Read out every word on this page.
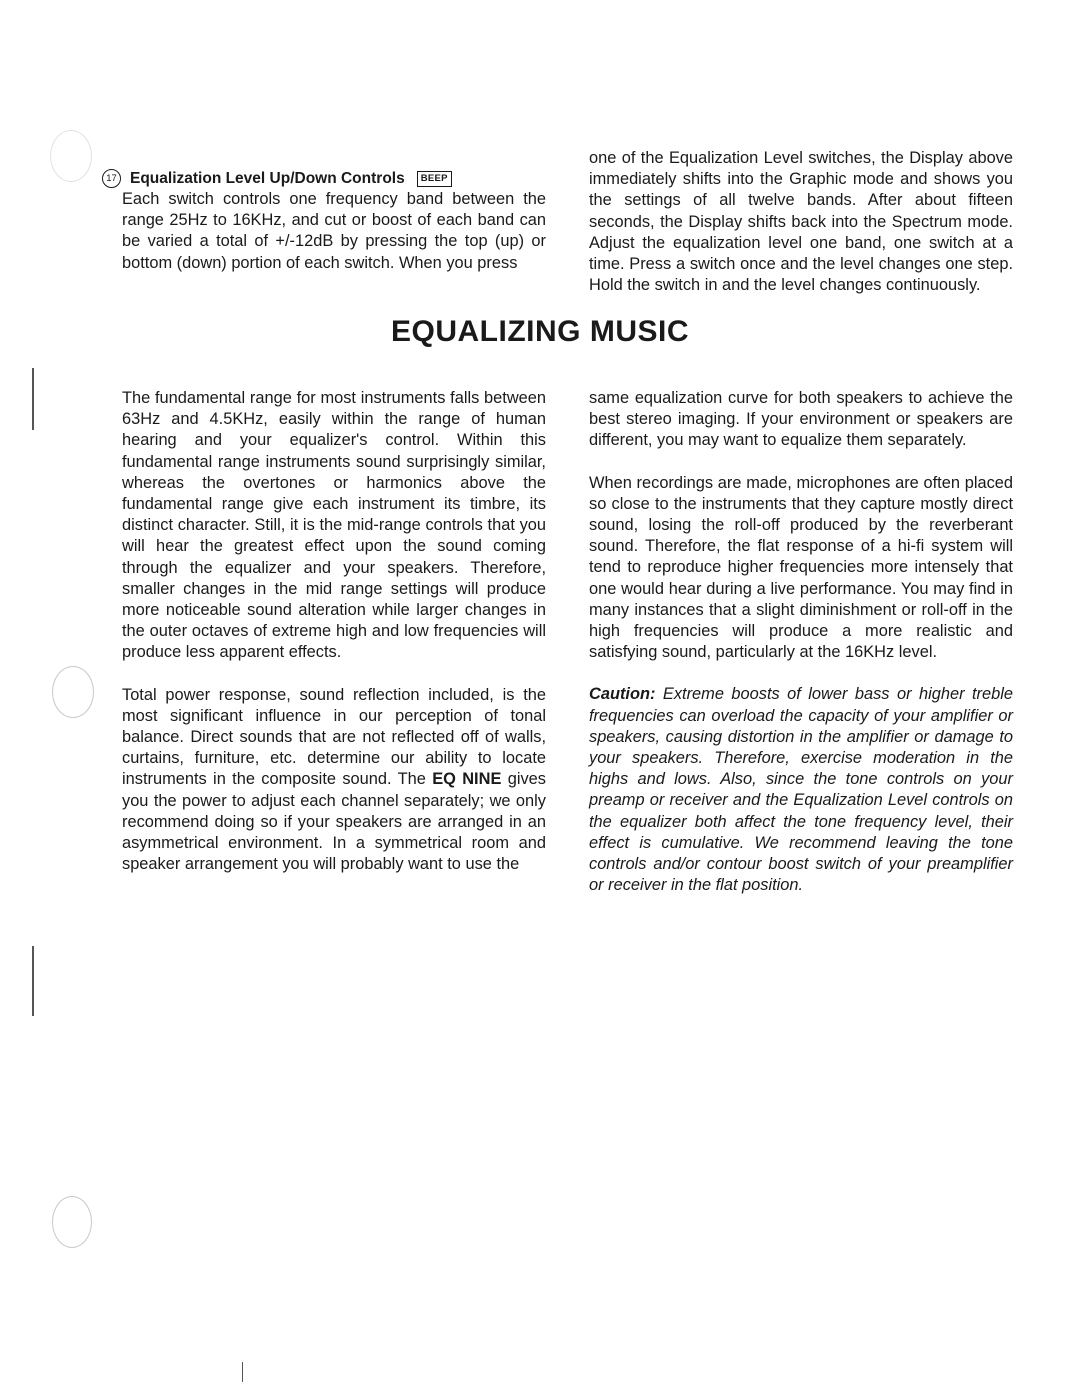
17 Equalization Level Up/Down Controls	BEEP

Each switch controls one frequency band between the range 25Hz to 16KHz, and cut or boost of each band can be varied a total of +/-12dB by pressing the top (up) or bottom (down) portion of each switch. When you press

one of the Equalization Level switches, the Display above immediately shifts into the Graphic mode and shows you the settings of all twelve bands. After about fifteen seconds, the Display shifts back into the Spectrum mode. Adjust the equalization level one band, one switch at a time. Press a switch once and the level changes one step. Hold the switch in and the level changes continuously.

EQUALIZING MUSIC

The fundamental range for most instruments falls between 63Hz and 4.5KHz, easily within the range of human hearing and your equalizer's control. Within this fundamental range instruments sound surprisingly similar, whereas the overtones or harmonics above the fundamental range give each instrument its timbre, its distinct character. Still, it is the mid-range controls that you will hear the greatest effect upon the sound coming through the equalizer and your speakers. Therefore, smaller changes in the mid range settings will produce more noticeable sound alteration while larger changes in the outer octaves of extreme high and low frequencies will produce less apparent effects.

Total power response, sound reflection included, is the most significant influence in our perception of tonal balance. Direct sounds that are not reflected off of walls, curtains, furniture, etc. determine our ability to locate instruments in the composite sound. The EQ NINE gives you the power to adjust each channel separately; we only recommend doing so if your speakers are arranged in an asymmetrical environment. In a symmetrical room and speaker arrangement you will probably want to use the

same equalization curve for both speakers to achieve the best stereo imaging. If your environment or speakers are different, you may want to equalize them separately.

When recordings are made, microphones are often placed so close to the instruments that they capture mostly direct sound, losing the roll-off produced by the reverberant sound. Therefore, the flat response of a hi-fi system will tend to reproduce higher frequencies more intensely that one would hear during a live performance. You may find in many instances that a slight diminishment or roll-off in the high frequencies will produce a more realistic and satisfying sound, particularly at the 16KHz level.

Caution: Extreme boosts of lower bass or higher treble frequencies can overload the capacity of your amplifier or speakers, causing distortion in the amplifier or damage to your speakers. Therefore, exercise moderation in the highs and lows. Also, since the tone controls on your preamp or receiver and the Equalization Level controls on the equalizer both affect the tone frequency level, their effect is cumulative. We recommend leaving the tone controls and/or contour boost switch of your preamplifier or receiver in the flat position.
